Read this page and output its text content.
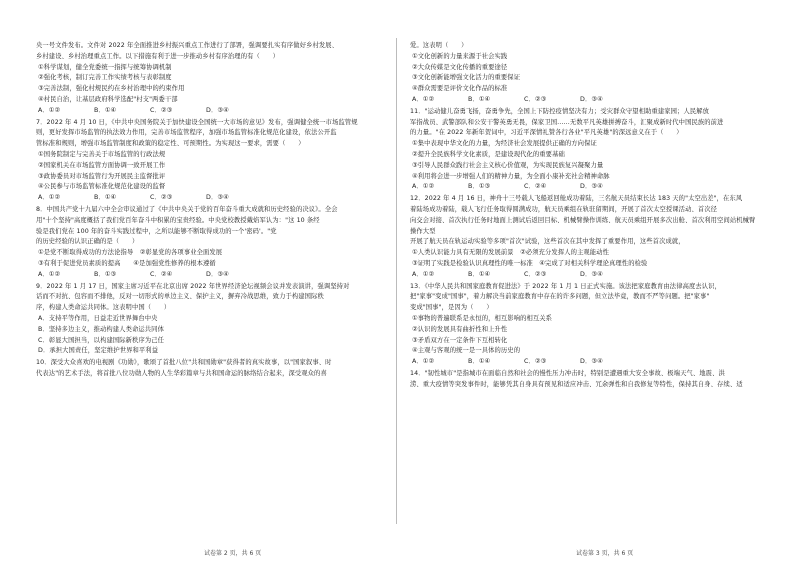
央一号文件发布。文件对 2022 年全面推进乡村振兴重点工作进行了部署，强调要扎实有序做好乡村发展、

乡村建设、乡村治理重点工作。以下措施有利于进一步推动乡村有序治理的有（　　）

①科学谋划，健全党委统一指挥与统筹协调机制

②强化考核，制订完善工作实绩考核与表彰制度

③完善法制，强化村规民约在乡村治理中的约束作用

④村民自治，让基层政府科学选配"村支"两委干部

A．①②	B．①④	C．②③	D．③④

7．2022 年 4 月 10 日，《中共中央国务院关于加快建设全国统一大市场的意见》发布，强调健全统一市场监管规

则，更好发挥市场监管的执法效力作用，完善市场监管程序，加强市场监管标准化规范化建设，依法公开监

管标准和规则，增强市场监管制度和政策的稳定性、可预期性。为实现这一要求，需要（　　）

①国务院制定与完善关于市场监管的行政法规

②国家机关在市场监管方面协调一致开展工作

③政协委员对市场监管行为开展民主监督批评

④公民参与市场监管标准化规范化建设的监督

A．①②	B．①④	C．②③	D．③④

8．中国共产党十九届六中全会审议通过了《中共中央关于党的百年奋斗重大成就和历史经验的决议》。全会

用"十个坚持"高度概括了我们党百年奋斗中积累的宝贵经验。中央党校教授戴焰军认为："这 10 条经

验是我们党在 100 年的奋斗实践过程中，之所以能够不断取得成功的一个'密码'。"党

的历史经验的认识正确的是（　　）

①是党不断取得成功的方法论指导　②彰显党的各项事业全面发展

③有利于促进党员素质的提高　　④是加强党性修养的根本遵循

A．①②	B．①③	C．②④	D．③④

9．2022 年 1 月 17 日，国家主席习近平在北京出席 2022 年世界经济论坛视频会议并发表演讲，强调坚持对

话而不对抗、包容而不排他，反对一切形式的单边主义、保护主义，摒弃冷战思维，致力于构建国际秩

序，构建人类命运共同体。这表明中国（　　）

A．支持平等作用，日益走近世界舞台中央

B．坚持多边主义，推动构建人类命运共同体

C．彰显大国担当，以构建国际新秩序为己任

D．承担大国责任，坚定维护世界和平利益

10．深受大众喜欢的电视剧《功勋》，歌颂了首批八位"共和国勋章"获得者的真实故事，以"国家叙事、时

代表达"的艺术手法，将首批八位功勋人物的人生华彩篇章与共和国命运的脉络结合起来，深受观众的喜

爱。这表明（　　）

①文化创新的力量来源于社会实践

②大众传媒是文化传播的重要途径

③文化创新能增强文化活力的重要保证

④群众需要是评价文化作品的标准

A．①②	B．①④	C．②③	D．③④

11．"运动健儿奋勇飞扬，奋勇争先，全国上下防控疫情坚决有力；受灾群众守望相助重建家园；人民解放

军指战员、武警部队和公安干警英勇无畏，保家卫国……无数平凡英雄拼搏奋斗，汇聚成新时代中国民族的前进

的力量。"在 2022 年新年贺词中，习近平深情礼赞各行各业"平凡英雄"的深远意义在于（　　）

①集中表现中华文化的力量，为经济社会发展提供正确的方向保证

②提升全民族科学文化素质，是建设现代化的重要基础

③引导人民群众践行社会主义核心价值观，为实现民族复兴凝聚力量

④利用将会进一步增强人们的精神力量，为全面小康补充社会精神命脉

A．①②	B．①③	C．②④	D．③④

12．2022 年 4 月 16 日，神舟十三号载人飞船返回舱成功着陆，三名航天员结束长达 183 天的"太空出差"，在东风

着陆场成功着陆，载人飞行任务取得圆满成功，航天员乘组在轨驻留期间，开展了首次太空授课活动、首次径

向交会对接、首次执行任务时地面上测试后返回目标、机械臂操作训练、航天员乘组开展多次出舱、首次利用空间站机械臂操作大型

开展了航天员在轨运动实验等多项"首次"试验，这些首次在其中发挥了重要作用，这些首次成就，

①人类认识能力具有无限的发展前景　②必须充分发挥人的主观能动性

③证明了实践是检验认识真理性的唯一标准　④完成了对相关科学理论真理性的检验

A．①②	B．①④	C．②③	D．③④

13．《中华人民共和国家庭教育促进法》于 2022 年 1 月 1 日正式实施。该法把家庭教育由法律高度去认识，

把"家事"变成"国事"，着力解决当前家庭教育中存在的许多问题，但立法毕竟，教而不严等问题。把"家事"

变成"国事"，是因为（　　）

①事物的普遍联系是永恒的，相互影响的相互关系

②认识的发展具有曲折性和上升性

③矛盾双方在一定条件下互相转化

④主观与客观的统一是一具体的历史的

A．①②	B．①④	C．②③	D．③④

14．"韧性城市"是指城市在面临自然和社会的慢性压力冲击时，特别是遭遇重大安全事故、极端天气、地震、洪

涝、重大疫情等突发事件时，能够凭其自身具有预见和适应冲击、冗余弹性和自我修复等特性，保持其自身、存续、适

试卷第 2 页，共 6 页	试卷第 3 页，共 6 页
